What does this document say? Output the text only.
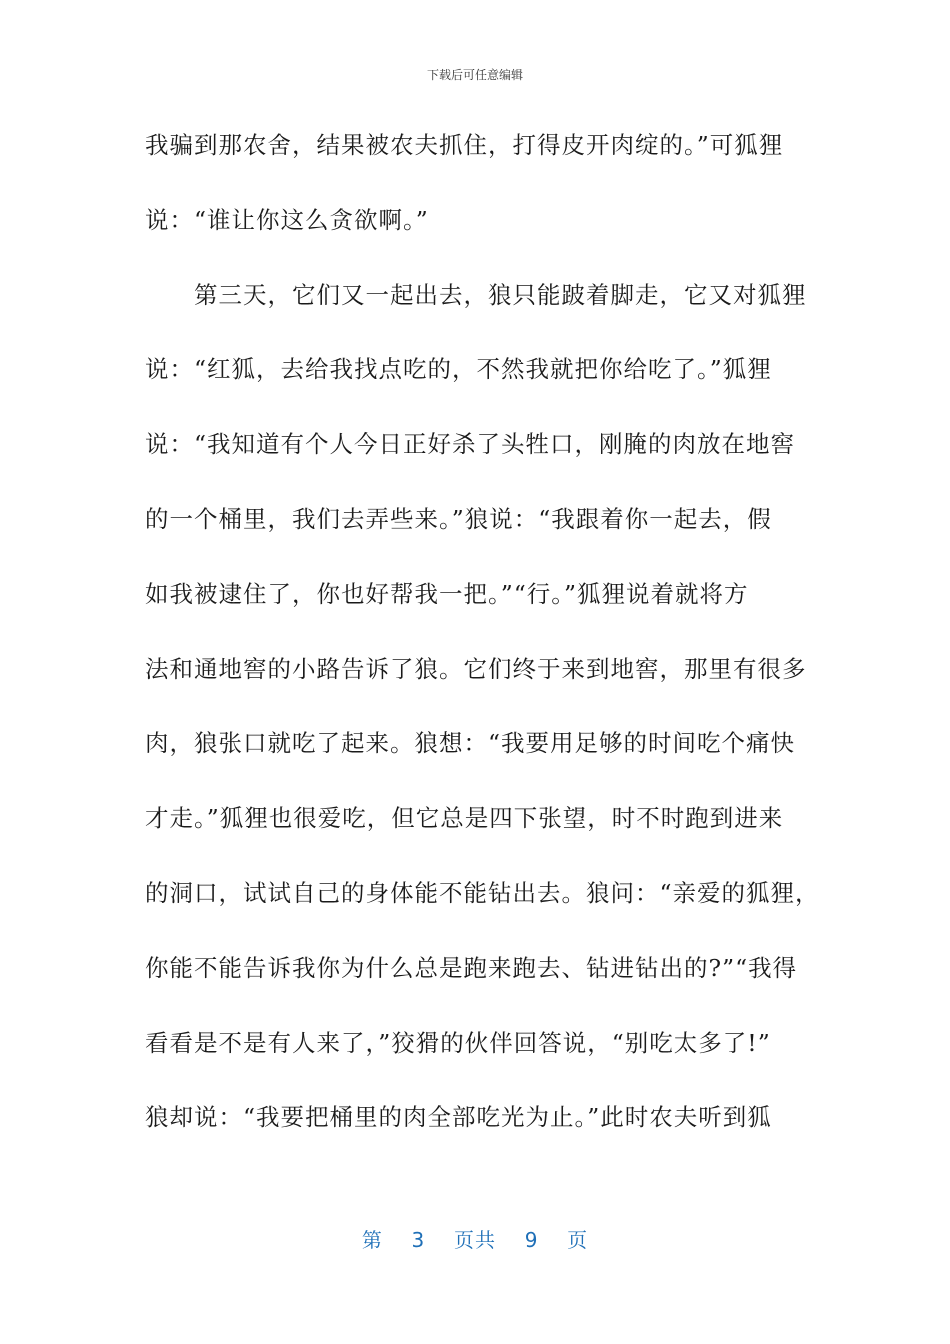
下载后可任意编辑
我骗到那农舍，结果被农夫抓住，打得皮开肉绽的。”可狐狸
说：“谁让你这么贪欲啊。”
　　第三天，它们又一起出去，狼只能跛着脚走，它又对狐狸
说：“红狐，去给我找点吃的，不然我就把你给吃了。”狐狸
说：“我知道有个人今日正好杀了头牲口，刚腌的肉放在地窖
的一个桶里，我们去弄些来。”狼说：“我跟着你一起去，假
如我被逮住了，你也好帮我一把。”“行。”狐狸说着就将方
法和通地窖的小路告诉了狼。它们终于来到地窖，那里有很多
肉，狼张口就吃了起来。狼想：“我要用足够的时间吃个痛快
才走。”狐狸也很爱吃，但它总是四下张望，时不时跑到进来
的洞口，试试自己的身体能不能钻出去。狼问：“亲爱的狐狸，
你能不能告诉我你为什么总是跑来跑去、钻进钻出的?”“我得
看看是不是有人来了，”狡猾的伙伴回答说，“别吃太多了!”
狼却说：“我要把桶里的肉全部吃光为止。”此时农夫听到狐
第 3 页共 9 页
